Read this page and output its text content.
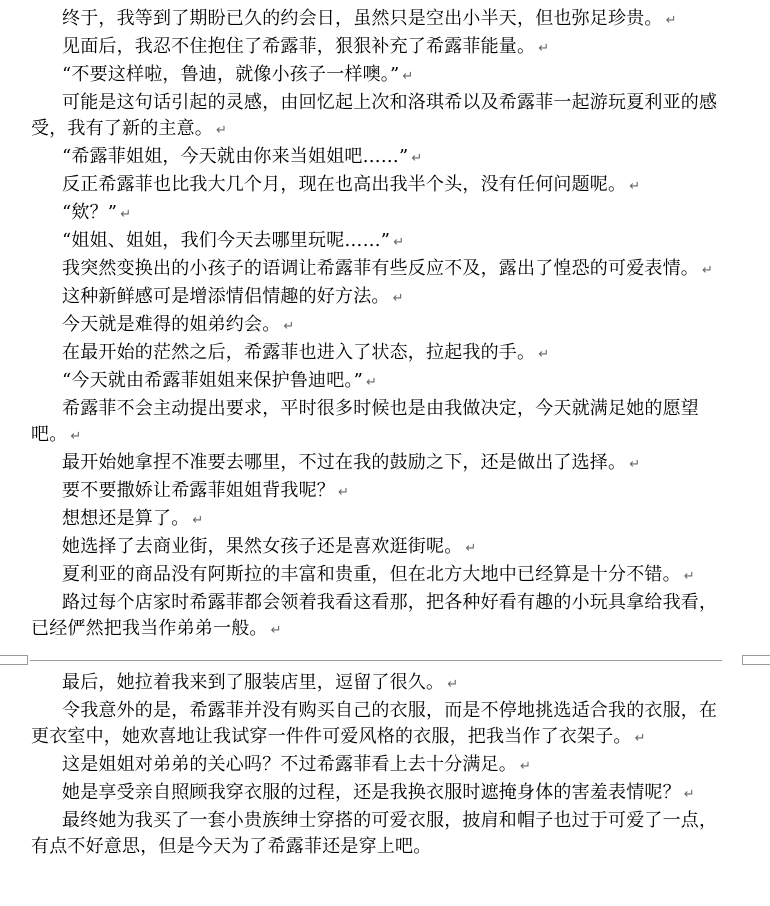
终于，我等到了期盼已久的约会日，虽然只是空出小半天，但也弥足珍贵。 ↵

见面后，我忍不住抱住了希露菲，狠狠补充了希露菲能量。 ↵

“不要这样啦，鲁迪，就像小孩子一样噢。” ↵

可能是这句话引起的灵感，由回忆起上次和洛琪希以及希露菲一起游玩夏利亚的感受，我有了新的主意。 ↵

“希露菲姐姐，今天就由你来当姐姐吧……” ↵

反正希露菲也比我大几个月，现在也高出我半个头，没有任何问题呢。 ↵

“欸？” ↵

“姐姐、姐姐，我们今天去哪里玩呢……” ↵

我突然变换出的小孩子的语调让希露菲有些反应不及，露出了惶恐的可爱表情。 ↵

这种新鲜感可是增添情侣情趣的好方法。 ↵

今天就是难得的姐弟约会。 ↵

在最开始的茫然之后，希露菲也进入了状态，拉起我的手。 ↵

“今天就由希露菲姐姐来保护鲁迪吧。” ↵

希露菲不会主动提出要求，平时很多时候也是由我做决定，今天就满足她的愿望吧。 ↵

最开始她拿捏不准要去哪里，不过在我的鼓励之下，还是做出了选择。 ↵

要不要撒娇让希露菲姐姐背我呢？ ↵

想想还是算了。 ↵

她选择了去商业街，果然女孩子还是喜欢逛街呢。 ↵

夏利亚的商品没有阿斯拉的丰富和贵重，但在北方大地中已经算是十分不错。 ↵

路过每个店家时希露菲都会领着我看这看那，把各种好看有趣的小玩具拿给我看，已经俨然把我当作弟弟一般。 ↵

最后，她拉着我来到了服装店里，逗留了很久。 ↵

令我意外的是，希露菲并没有购买自己的衣服，而是不停地挑选适合我的衣服，在更衣室中，她欢喜地让我试穿一件件可爱风格的衣服，把我当作了衣架子。 ↵

这是姐姐对弟弟的关心吗？不过希露菲看上去十分满足。 ↵

她是享受亲自照顾我穿衣服的过程，还是我换衣服时遮掩身体的害羞表情呢？ ↵

最终她为我买了一套小贵族绅士穿搭的可爱衣服，披肩和帽子也过于可爱了一点，有点不好意思，但是今天为了希露菲还是穿上吧。
